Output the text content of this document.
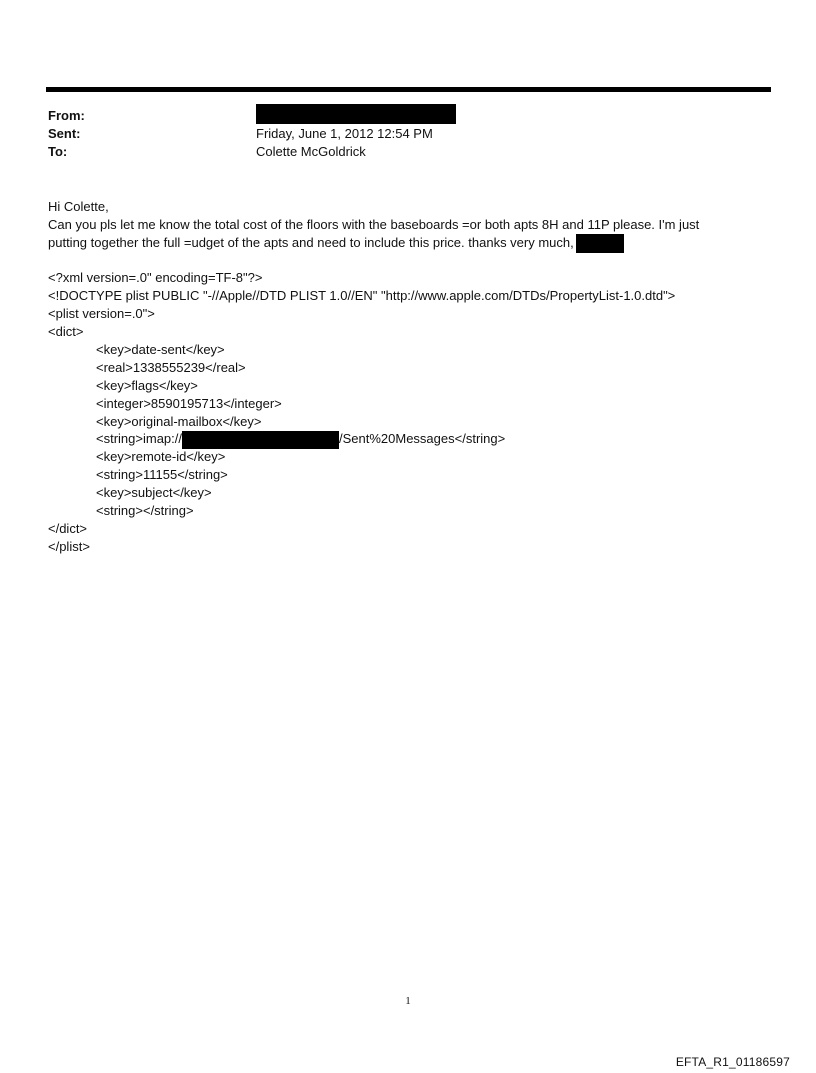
From:
Sent:	Friday, June 1, 2012 12:54 PM
To:	Colette McGoldrick
Hi Colette,
Can you pls let me know the total cost of the floors with the baseboards =or both apts 8H and 11P please. I'm just
putting together the full =udget of the apts and need to include this price. thanks very much,
<?xml version=.0" encoding=TF-8"?>
<!DOCTYPE plist PUBLIC "-//Apple//DTD PLIST 1.0//EN" "http://www.apple.com/DTDs/PropertyList-1.0.dtd">
<plist version=.0">
<dict>
<key>date-sent</key>
<real>1338555239</real>
<key>flags</key>
<integer>8590195713</integer>
<key>original-mailbox</key>
<string>imap://	/Sent%20Messages</string>
<key>remote-id</key>
<string>11155</string>
<key>subject</key>
<string></string>
</dict>
</plist>
1
EFTA_R1_01186597
